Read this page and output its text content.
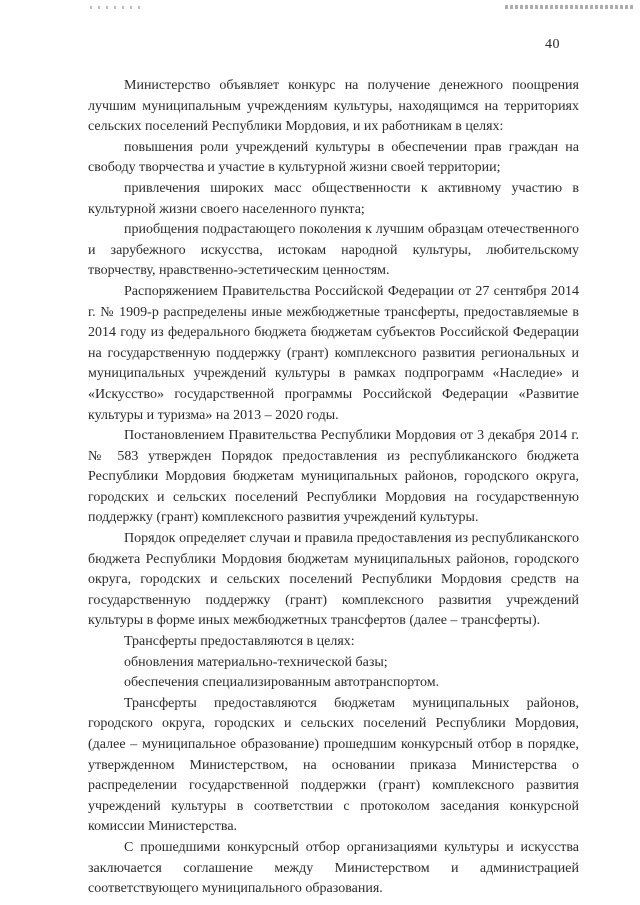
40

Министерство объявляет конкурс на получение денежного поощрения лучшим муниципальным учреждениям культуры, находящимся на территориях сельских поселений Республики Мордовия, и их работникам в целях:

повышения роли учреждений культуры в обеспечении прав граждан на свободу творчества и участие в культурной жизни своей территории;

привлечения широких масс общественности к активному участию в культурной жизни своего населенного пункта;

приобщения подрастающего поколения к лучшим образцам отечественного и зарубежного искусства, истокам народной культуры, любительскому творчеству, нравственно-эстетическим ценностям.

Распоряжением Правительства Российской Федерации от 27 сентября 2014 г. № 1909-р распределены иные межбюджетные трансферты, предоставляемые в 2014 году из федерального бюджета бюджетам субъектов Российской Федерации на государственную поддержку (грант) комплексного развития региональных и муниципальных учреждений культуры в рамках подпрограмм «Наследие» и «Искусство» государственной программы Российской Федерации «Развитие культуры и туризма» на 2013 – 2020 годы.

Постановлением Правительства Республики Мордовия от 3 декабря 2014 г. № 583 утвержден Порядок предоставления из республиканского бюджета Республики Мордовия бюджетам муниципальных районов, городского округа, городских и сельских поселений Республики Мордовия на государственную поддержку (грант) комплексного развития учреждений культуры.

Порядок определяет случаи и правила предоставления из республиканского бюджета Республики Мордовия бюджетам муниципальных районов, городского округа, городских и сельских поселений Республики Мордовия средств на государственную поддержку (грант) комплексного развития учреждений культуры в форме иных межбюджетных трансфертов (далее – трансферты).

Трансферты предоставляются в целях:

обновления материально-технической базы;

обеспечения специализированным автотранспортом.

Трансферты предоставляются бюджетам муниципальных районов, городского округа, городских и сельских поселений Республики Мордовия, (далее – муниципальное образование) прошедшим конкурсный отбор в порядке, утвержденном Министерством, на основании приказа Министерства о распределении государственной поддержки (грант) комплексного развития учреждений культуры в соответствии с протоколом заседания конкурсной комиссии Министерства.

С прошедшими конкурсный отбор организациями культуры и искусства заключается соглашение между Министерством и администрацией соответствующего муниципального образования.
